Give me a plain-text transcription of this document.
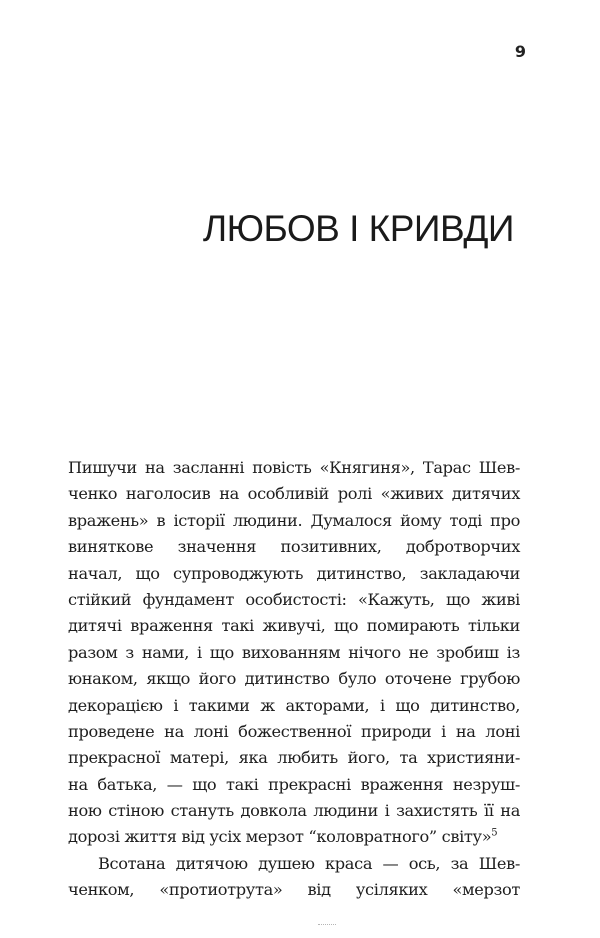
9
ЛЮБОВ І КРИВДИ
Пишучи на засланні повість «Княгиня», Тарас Шев-
ченко наголосив на особливій ролі «живих дитячих
вражень» в історії людини. Думалося йому тоді про
виняткове значення позитивних, добротворчих
начал, що супроводжують дитинство, закладаючи
стійкий фундамент особистості: «Кажуть, що живі
дитячі враження такі живучі, що помирають тільки
разом з нами, і що вихованням нічого не зробиш із
юнаком, якщо його дитинство було оточене грубою
декорацією і такими ж акторами, і що дитинство,
проведене на лоні божественної природи і на лоні
прекрасної матері, яка любить його, та християни-
на батька, — що такі прекрасні враження незруш-
ною стіною стануть довкола людини і захистять її на
дорозі життя від усіх мерзот “коловратного” світу»$^5$
Всотана дитячою душею краса — ось, за Шев-
ченком, «протиотрута» від усіляких «мерзот
